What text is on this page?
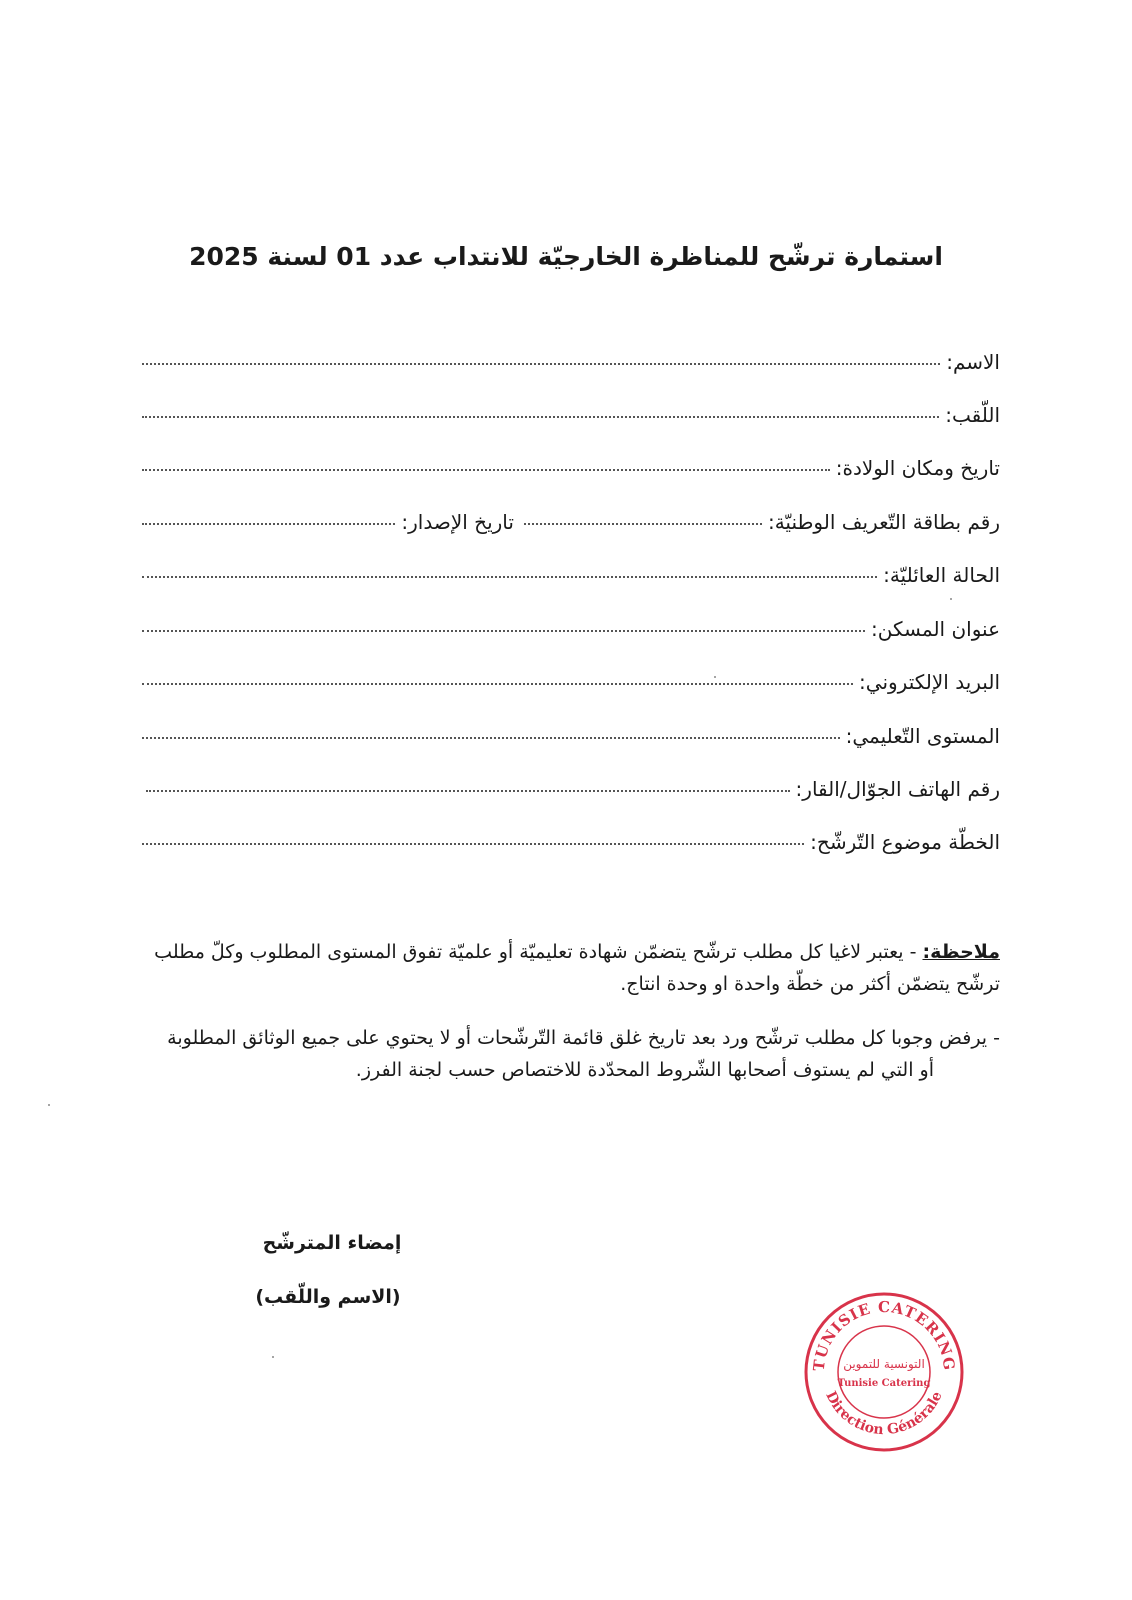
استمارة ترشّح للمناظرة الخارجيّة للانتداب عدد 01 لسنة 2025
الاسم:
اللّقب:
تاريخ ومكان الولادة:
رقم بطاقة التّعريف الوطنيّة:
تاريخ الإصدار:
الحالة العائليّة:
عنوان المسكن:
البريد الإلكتروني:
المستوى التّعليمي:
رقم الهاتف الجوّال/القار:
الخطّة موضوع التّرشّح:
ملاحظة: - يعتبر لاغيا كل مطلب ترشّح يتضمّن شهادة تعليميّة أو علميّة تفوق المستوى المطلوب وكلّ مطلب
ترشّح يتضمّن أكثر من خطّة واحدة او وحدة انتاج.
- يرفض وجوبا كل مطلب ترشّح ورد بعد تاريخ غلق قائمة التّرشّحات أو لا يحتوي على جميع الوثائق المطلوبة
أو التي لم يستوف أصحابها الشّروط المحدّدة للاختصاص حسب لجنة الفرز.
إمضاء المترشّح
(الاسم واللّقب)
TUNISIE CATERING
Direction Générale
التونسية للتموين
Tunisie Catering
